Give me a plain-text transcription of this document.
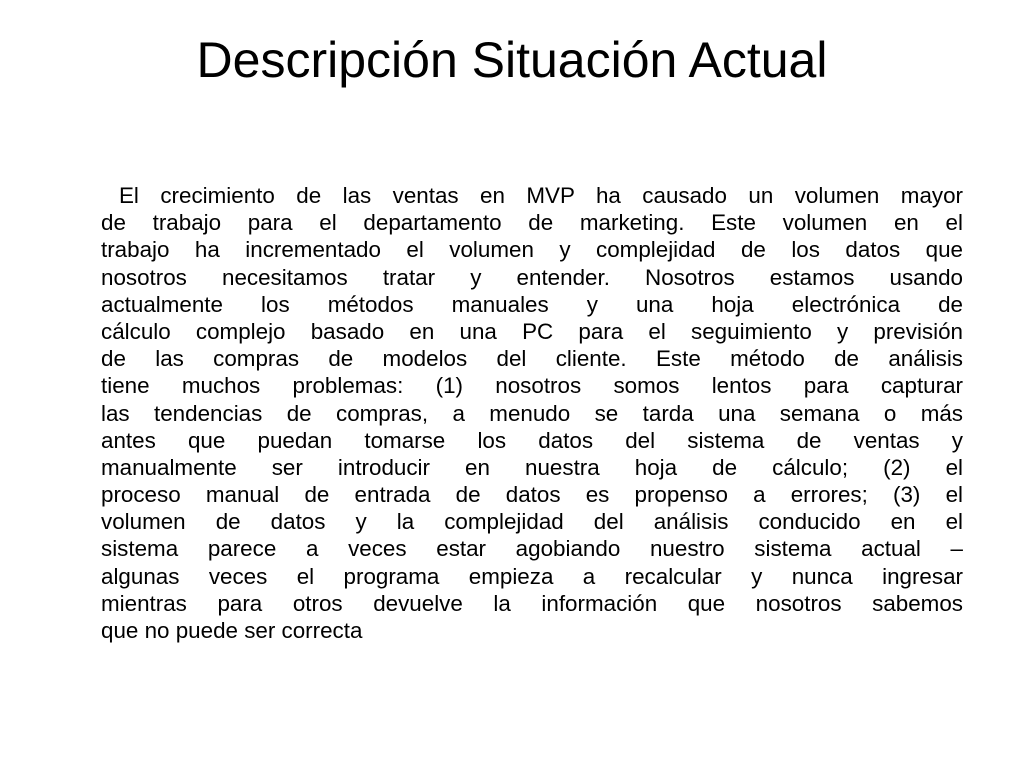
Descripción Situación Actual
El crecimiento de las ventas en MVP ha causado un volumen mayor
de trabajo para el departamento de marketing. Este volumen en el
trabajo ha incrementado el volumen y complejidad de los datos que
nosotros necesitamos tratar y entender. Nosotros estamos usando
actualmente los métodos manuales y una hoja electrónica de
cálculo complejo basado en una PC para el seguimiento y previsión
de las compras de modelos del cliente. Este método de análisis
tiene muchos problemas: (1) nosotros somos lentos para capturar
las tendencias de compras, a menudo se tarda una semana o más
antes que puedan tomarse los datos del sistema de ventas y
manualmente ser introducir en nuestra hoja de cálculo; (2) el
proceso manual de entrada de datos es propenso a errores; (3) el
volumen de datos y la complejidad del análisis conducido en el
sistema parece a veces estar agobiando nuestro sistema actual –
algunas veces el programa empieza a recalcular y nunca ingresar
mientras para otros devuelve la información que nosotros sabemos
que no puede ser correcta
